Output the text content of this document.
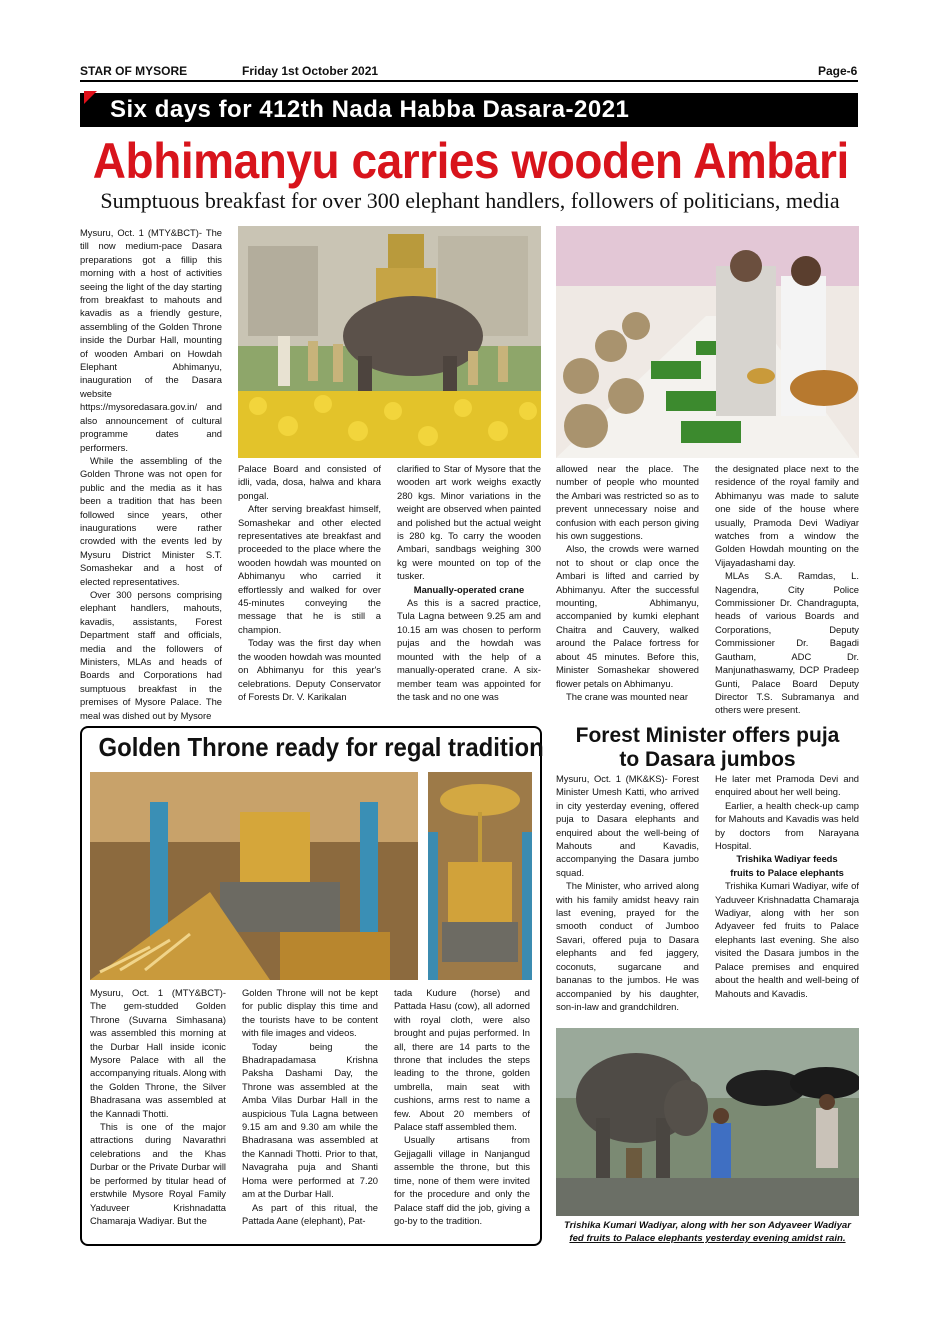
STAR OF MYSORE	Friday 1st October 2021	Page-6
Six days for 412th Nada Habba Dasara-2021
Abhimanyu carries wooden Ambari
Sumptuous breakfast for over 300 elephant handlers, followers of politicians, media

Mysuru, Oct. 1 (MTY&BCT)- The till now medium-pace Dasara preparations got a fillip this morning with a host of activities seeing the light of the day starting from breakfast to mahouts and kavadis as a friendly gesture, assembling of the Golden Throne inside the Durbar Hall, mounting of wooden Ambari on Howdah Elephant Abhimanyu, inauguration of the Dasara website https://mysoredasara.gov.in/ and also announcement of cultural programme dates and performers.

While the assembling of the Golden Throne was not open for public and the media as it has been a tradition that has been followed since years, other inaugurations were rather crowded with the events led by Mysuru District Minister S.T. Somashekar and a host of elected representatives.

Over 300 persons comprising elephant handlers, mahouts, kavadis, assistants, Forest Department staff and officials, media and the followers of Ministers, MLAs and heads of Boards and Corporations had sumptuous breakfast in the premises of Mysore Palace. The meal was dished out by Mysore

Palace Board and consisted of idli, vada, dosa, halwa and khara pongal.

After serving breakfast himself, Somashekar and other elected representatives ate breakfast and proceeded to the place where the wooden howdah was mounted on Abhimanyu who carried it effortlessly and walked for over 45-minutes conveying the message that he is still a champion.

Today was the first day when the wooden howdah was mounted on Abhimanyu for this year's celebrations. Deputy Conservator of Forests Dr. V. Karikalan

clarified to Star of Mysore that the wooden art work weighs exactly 280 kgs. Minor variations in the weight are observed when painted and polished but the actual weight is 280 kg. To carry the wooden Ambari, sandbags weighing 300 kg were mounted on top of the tusker.

Manually-operated crane

As this is a sacred practice, Tula Lagna between 9.25 am and 10.15 am was chosen to perform pujas and the howdah was mounted with the help of a manually-operated crane. A six-member team was appointed for the task and no one was

allowed near the place. The number of people who mounted the Ambari was restricted so as to prevent unnecessary noise and confusion with each person giving his own suggestions.

Also, the crowds were warned not to shout or clap once the Ambari is lifted and carried by Abhimanyu. After the successful mounting, Abhimanyu, accompanied by kumki elephant Chaitra and Cauvery, walked around the Palace fortress for about 45 minutes. Before this, Minister Somashekar showered flower petals on Abhimanyu.

The crane was mounted near

the designated place next to the residence of the royal family and Abhimanyu was made to salute one side of the house where usually, Pramoda Devi Wadiyar watches from a window the Golden Howdah mounting on the Vijayadashami day.

MLAs S.A. Ramdas, L. Nagendra, City Police Commissioner Dr. Chandragupta, heads of various Boards and Corporations, Deputy Commissioner Dr. Bagadi Gautham, ADC Dr. Manjunathaswamy, DCP Pradeep Gunti, Palace Board Deputy Director T.S. Subramanya and others were present.

Golden Throne ready for regal tradition

Mysuru, Oct. 1 (MTY&BCT)- The gem-studded Golden Throne (Suvarna Simhasana) was assembled this morning at the Durbar Hall inside iconic Mysore Palace with all the accompanying rituals. Along with the Golden Throne, the Silver Bhadrasana was assembled at the Kannadi Thotti.

This is one of the major attractions during Navarathri celebrations and the Khas Durbar or the Private Durbar will be performed by titular head of erstwhile Mysore Royal Family Yaduveer Krishnadatta Chamaraja Wadiyar. But the

Golden Throne will not be kept for public display this time and the tourists have to be content with file images and videos.

Today being the Bhadrapadamasa Krishna Paksha Dashami Day, the Throne was assembled at the Amba Vilas Durbar Hall in the auspicious Tula Lagna between 9.15 am and 9.30 am while the Bhadrasana was assembled at the Kannadi Thotti. Prior to that, Navagraha puja and Shanti Homa were performed at 7.20 am at the Durbar Hall.

As part of this ritual, the Pattada Aane (elephant), Pat-

tada Kudure (horse) and Pattada Hasu (cow), all adorned with royal cloth, were also brought and pujas performed. In all, there are 14 parts to the throne that includes the steps leading to the throne, golden umbrella, main seat with cushions, arms rest to name a few. About 20 members of Palace staff assembled them.

Usually artisans from Gejjagalli village in Nanjangud assemble the throne, but this time, none of them were invited for the procedure and only the Palace staff did the job, giving a go-by to the tradition.

Forest Minister offers puja
to Dasara jumbos

Mysuru, Oct. 1 (MK&KS)- Forest Minister Umesh Katti, who arrived in city yesterday evening, offered puja to Dasara elephants and enquired about the well-being of Mahouts and Kavadis, accompanying the Dasara jumbo squad.

The Minister, who arrived along with his family amidst heavy rain last evening, prayed for the smooth conduct of Jumboo Savari, offered puja to Dasara elephants and fed jaggery, coconuts, sugarcane and bananas to the jumbos. He was accompanied by his daughter, son-in-law and grandchildren.

He later met Pramoda Devi and enquired about her well being.

Earlier, a health check-up camp for Mahouts and Kavadis was held by doctors from Narayana Hospital.

Trishika Wadiyar feeds

fruits to Palace elephants

Trishika Kumari Wadiyar, wife of Yaduveer Krishnadatta Chamaraja Wadiyar, along with her son Adyaveer fed fruits to Palace elephants last evening. She also visited the Dasara jumbos in the Palace premises and enquired about the health and well-being of Mahouts and Kavadis.

Trishika Kumari Wadiyar, along with her son Adyaveer Wadiyar
fed fruits to Palace elephants yesterday evening amidst rain.
